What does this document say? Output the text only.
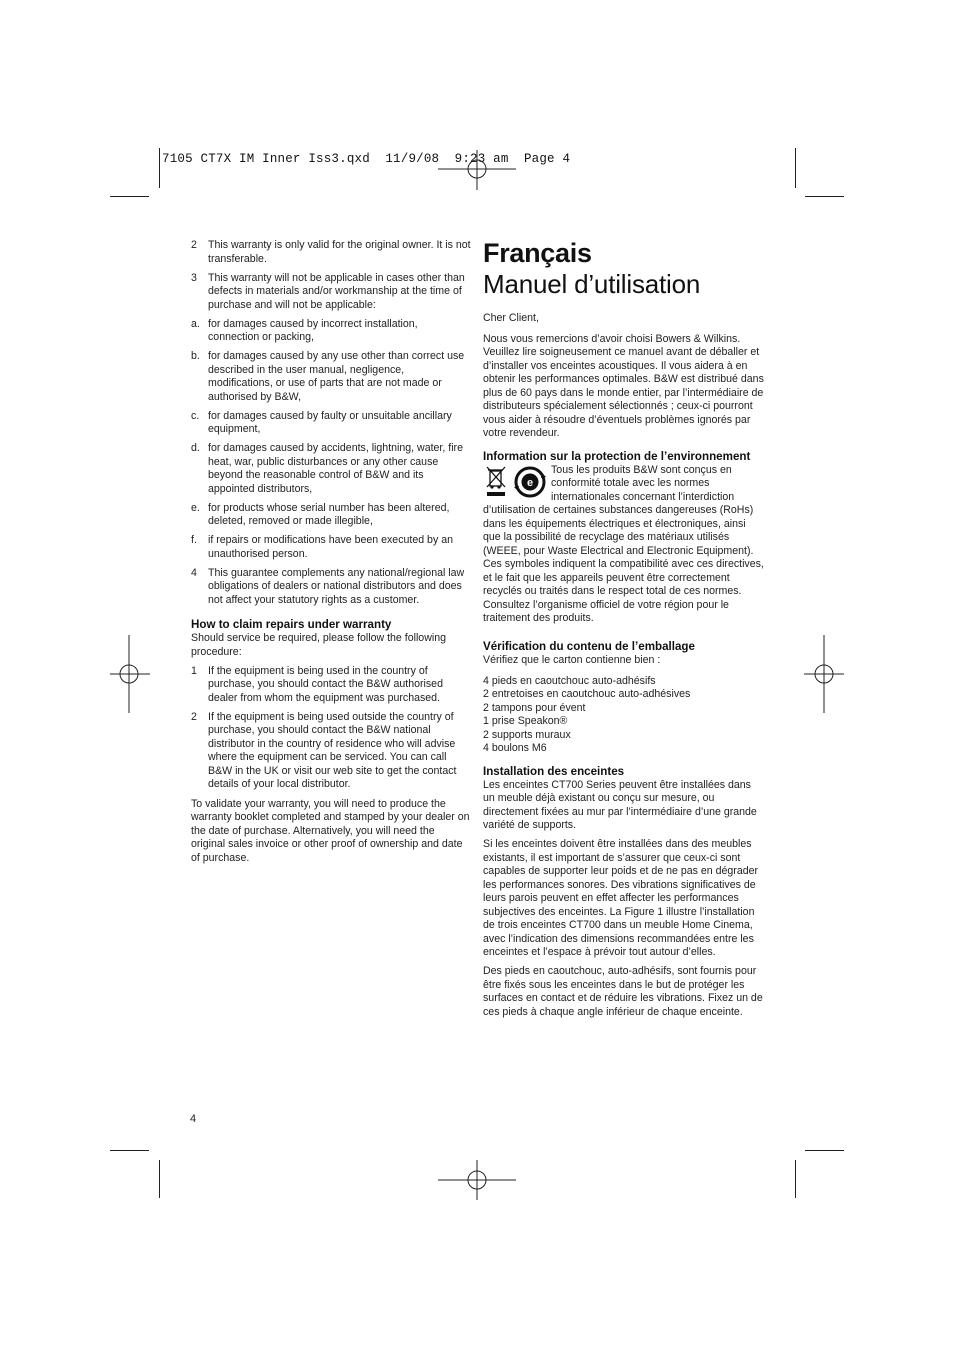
7105 CT7X IM Inner Iss3.qxd  11/9/08  9:23 am  Page 4
2 This warranty is only valid for the original owner. It is not transferable.
3 This warranty will not be applicable in cases other than defects in materials and/or workmanship at the time of purchase and will not be applicable:
a. for damages caused by incorrect installation, connection or packing,
b. for damages caused by any use other than correct use described in the user manual, negligence, modifications, or use of parts that are not made or authorised by B&W,
c. for damages caused by faulty or unsuitable ancillary equipment,
d. for damages caused by accidents, lightning, water, fire heat, war, public disturbances or any other cause beyond the reasonable control of B&W and its appointed distributors,
e. for products whose serial number has been altered, deleted, removed or made illegible,
f. if repairs or modifications have been executed by an unauthorised person.
4 This guarantee complements any national/regional law obligations of dealers or national distributors and does not affect your statutory rights as a customer.
How to claim repairs under warranty

Should service be required, please follow the following procedure:

1 If the equipment is being used in the country of purchase, you should contact the B&W authorised dealer from whom the equipment was purchased.
2 If the equipment is being used outside the country of purchase, you should contact the B&W national distributor in the country of residence who will advise where the equipment can be serviced. You can call B&W in the UK or visit our web site to get the contact details of your local distributor.

To validate your warranty, you will need to produce the warranty booklet completed and stamped by your dealer on the date of purchase. Alternatively, you will need the original sales invoice or other proof of ownership and date of purchase.

Français
Manuel d’utilisation

Cher Client,

Nous vous remercions d’avoir choisi Bowers & Wilkins. Veuillez lire soigneusement ce manuel avant de déballer et d’installer vos enceintes acoustiques. Il vous aidera à en obtenir les performances optimales. B&W est distribué dans plus de 60 pays dans le monde entier, par l’intermédiaire de distributeurs spécialement sélectionnés ; ceux-ci pourront vous aider à résoudre d’éventuels problèmes ignorés par votre revendeur.

Information sur la protection de l’environnement
e

Tous les produits B&W sont conçus en conformité totale avec les normes internationales concernant l’interdiction d’utilisation de certaines substances dangereuses (RoHs) dans les équipements électriques et électroniques, ainsi que la possibilité de recyclage des matériaux utilisés (WEEE, pour Waste Electrical and Electronic Equipment). Ces symboles indiquent la compatibilité avec ces directives, et le fait que les appareils peuvent être correctement recyclés ou traités dans le respect total de ces normes. Consultez l’organisme officiel de votre région pour le traitement des produits.

Vérification du contenu de l’emballage

Vérifiez que le carton contienne bien :

4 pieds en caoutchouc auto-adhésifs
2 entretoises en caoutchouc auto-adhésives
2 tampons pour évent
1 prise Speakon®
2 supports muraux
4 boulons M6
Installation des enceintes

Les enceintes CT700 Series peuvent être installées dans un meuble déjà existant ou conçu sur mesure, ou directement fixées au mur par l’intermédiaire d’une grande variété de supports.

Si les enceintes doivent être installées dans des meubles existants, il est important de s’assurer que ceux-ci sont capables de supporter leur poids et de ne pas en dégrader les performances sonores. Des vibrations significatives de leurs parois peuvent en effet affecter les performances subjectives des enceintes. La Figure 1 illustre l’installation de trois enceintes CT700 dans un meuble Home Cinema, avec l’indication des dimensions recommandées entre les enceintes et l’espace à prévoir tout autour d’elles.

Des pieds en caoutchouc, auto-adhésifs, sont fournis pour être fixés sous les enceintes dans le but de protéger les surfaces en contact et de réduire les vibrations. Fixez un de ces pieds à chaque angle inférieur de chaque enceinte.

4
